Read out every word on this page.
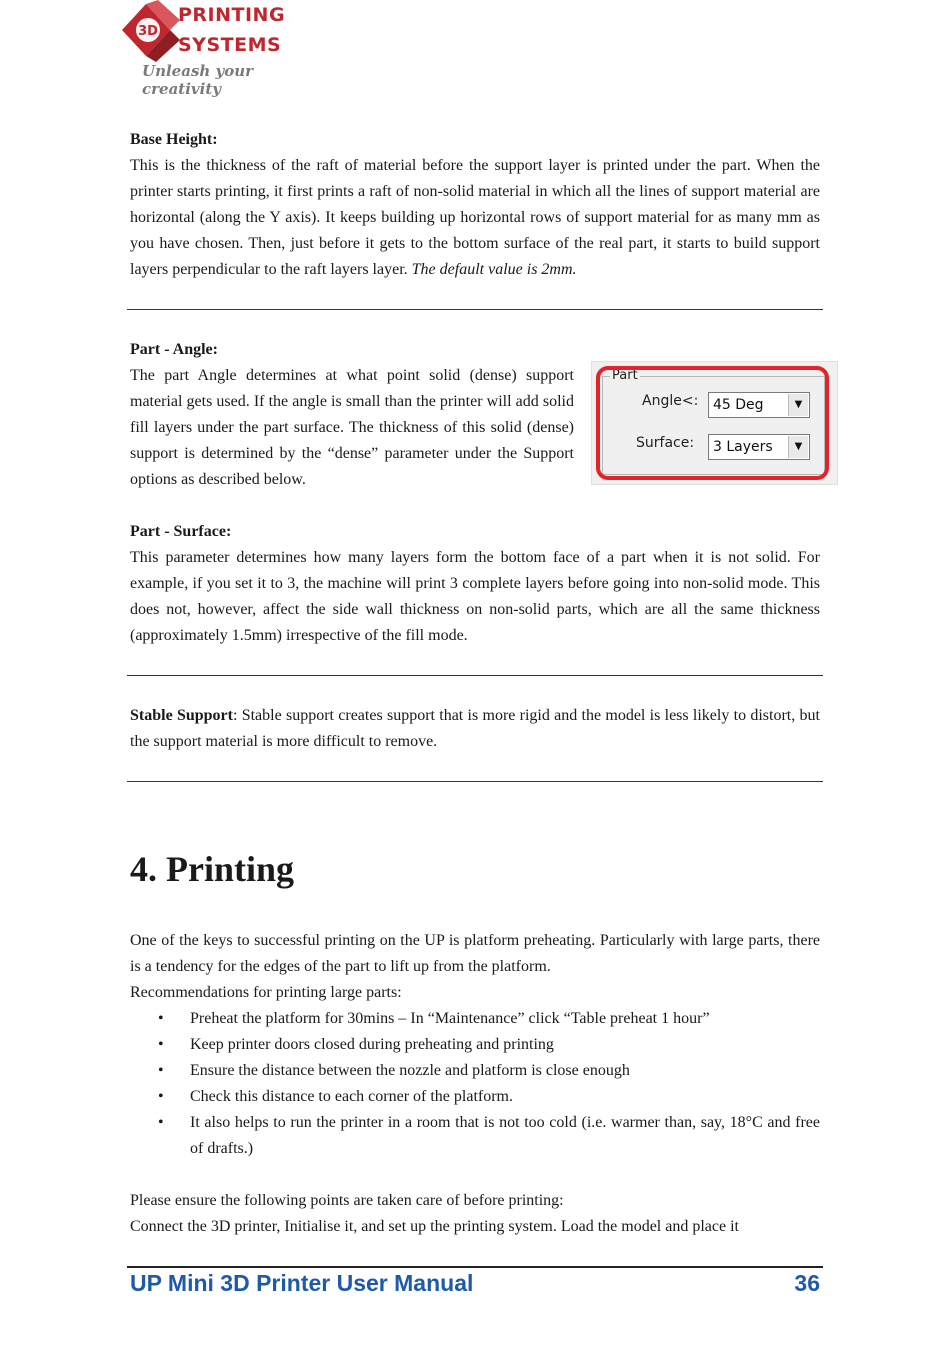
3D
PRINTING
SYSTEMS
Unleash your creativity
Base Height:
This is the thickness of the raft of material before the support layer is printed under the part. When the printer starts printing, it first prints a raft of non-solid material in which all the lines of support material are horizontal (along the Y axis). It keeps building up horizontal rows of support material for as many mm as you have chosen. Then, just before it gets to the bottom surface of the real part, it starts to build support layers perpendicular to the raft layers layer. The default value is 2mm.
Part - Angle:
The part Angle determines at what point solid (dense) support material gets used. If the angle is small than the printer will add solid fill layers under the part surface. The thickness of this solid (dense) support is determined by the “dense” parameter under the Support options as described below.
Part
Angle<:	45 Deg	▼
Surface:	3 Layers	▼
Part - Surface:
This parameter determines how many layers form the bottom face of a part when it is not solid. For example, if you set it to 3, the machine will print 3 complete layers before going into non-solid mode. This does not, however, affect the side wall thickness on non-solid parts, which are all the same thickness (approximately 1.5mm) irrespective of the fill mode.
Stable Support: Stable support creates support that is more rigid and the model is less likely to distort, but the support material is more difficult to remove.
4. Printing
One of the keys to successful printing on the UP is platform preheating. Particularly with large parts, there is a tendency for the edges of the part to lift up from the platform.
Recommendations for printing large parts:
• Preheat the platform for 30mins – In “Maintenance” click “Table preheat 1 hour”
• Keep printer doors closed during preheating and printing
• Ensure the distance between the nozzle and platform is close enough
• Check this distance to each corner of the platform.
• It also helps to run the printer in a room that is not too cold (i.e. warmer than, say, 18°C and free of drafts.)
Please ensure the following points are taken care of before printing:
Connect the 3D printer, Initialise it, and set up the printing system. Load the model and place it
UP Mini 3D Printer User Manual	36
